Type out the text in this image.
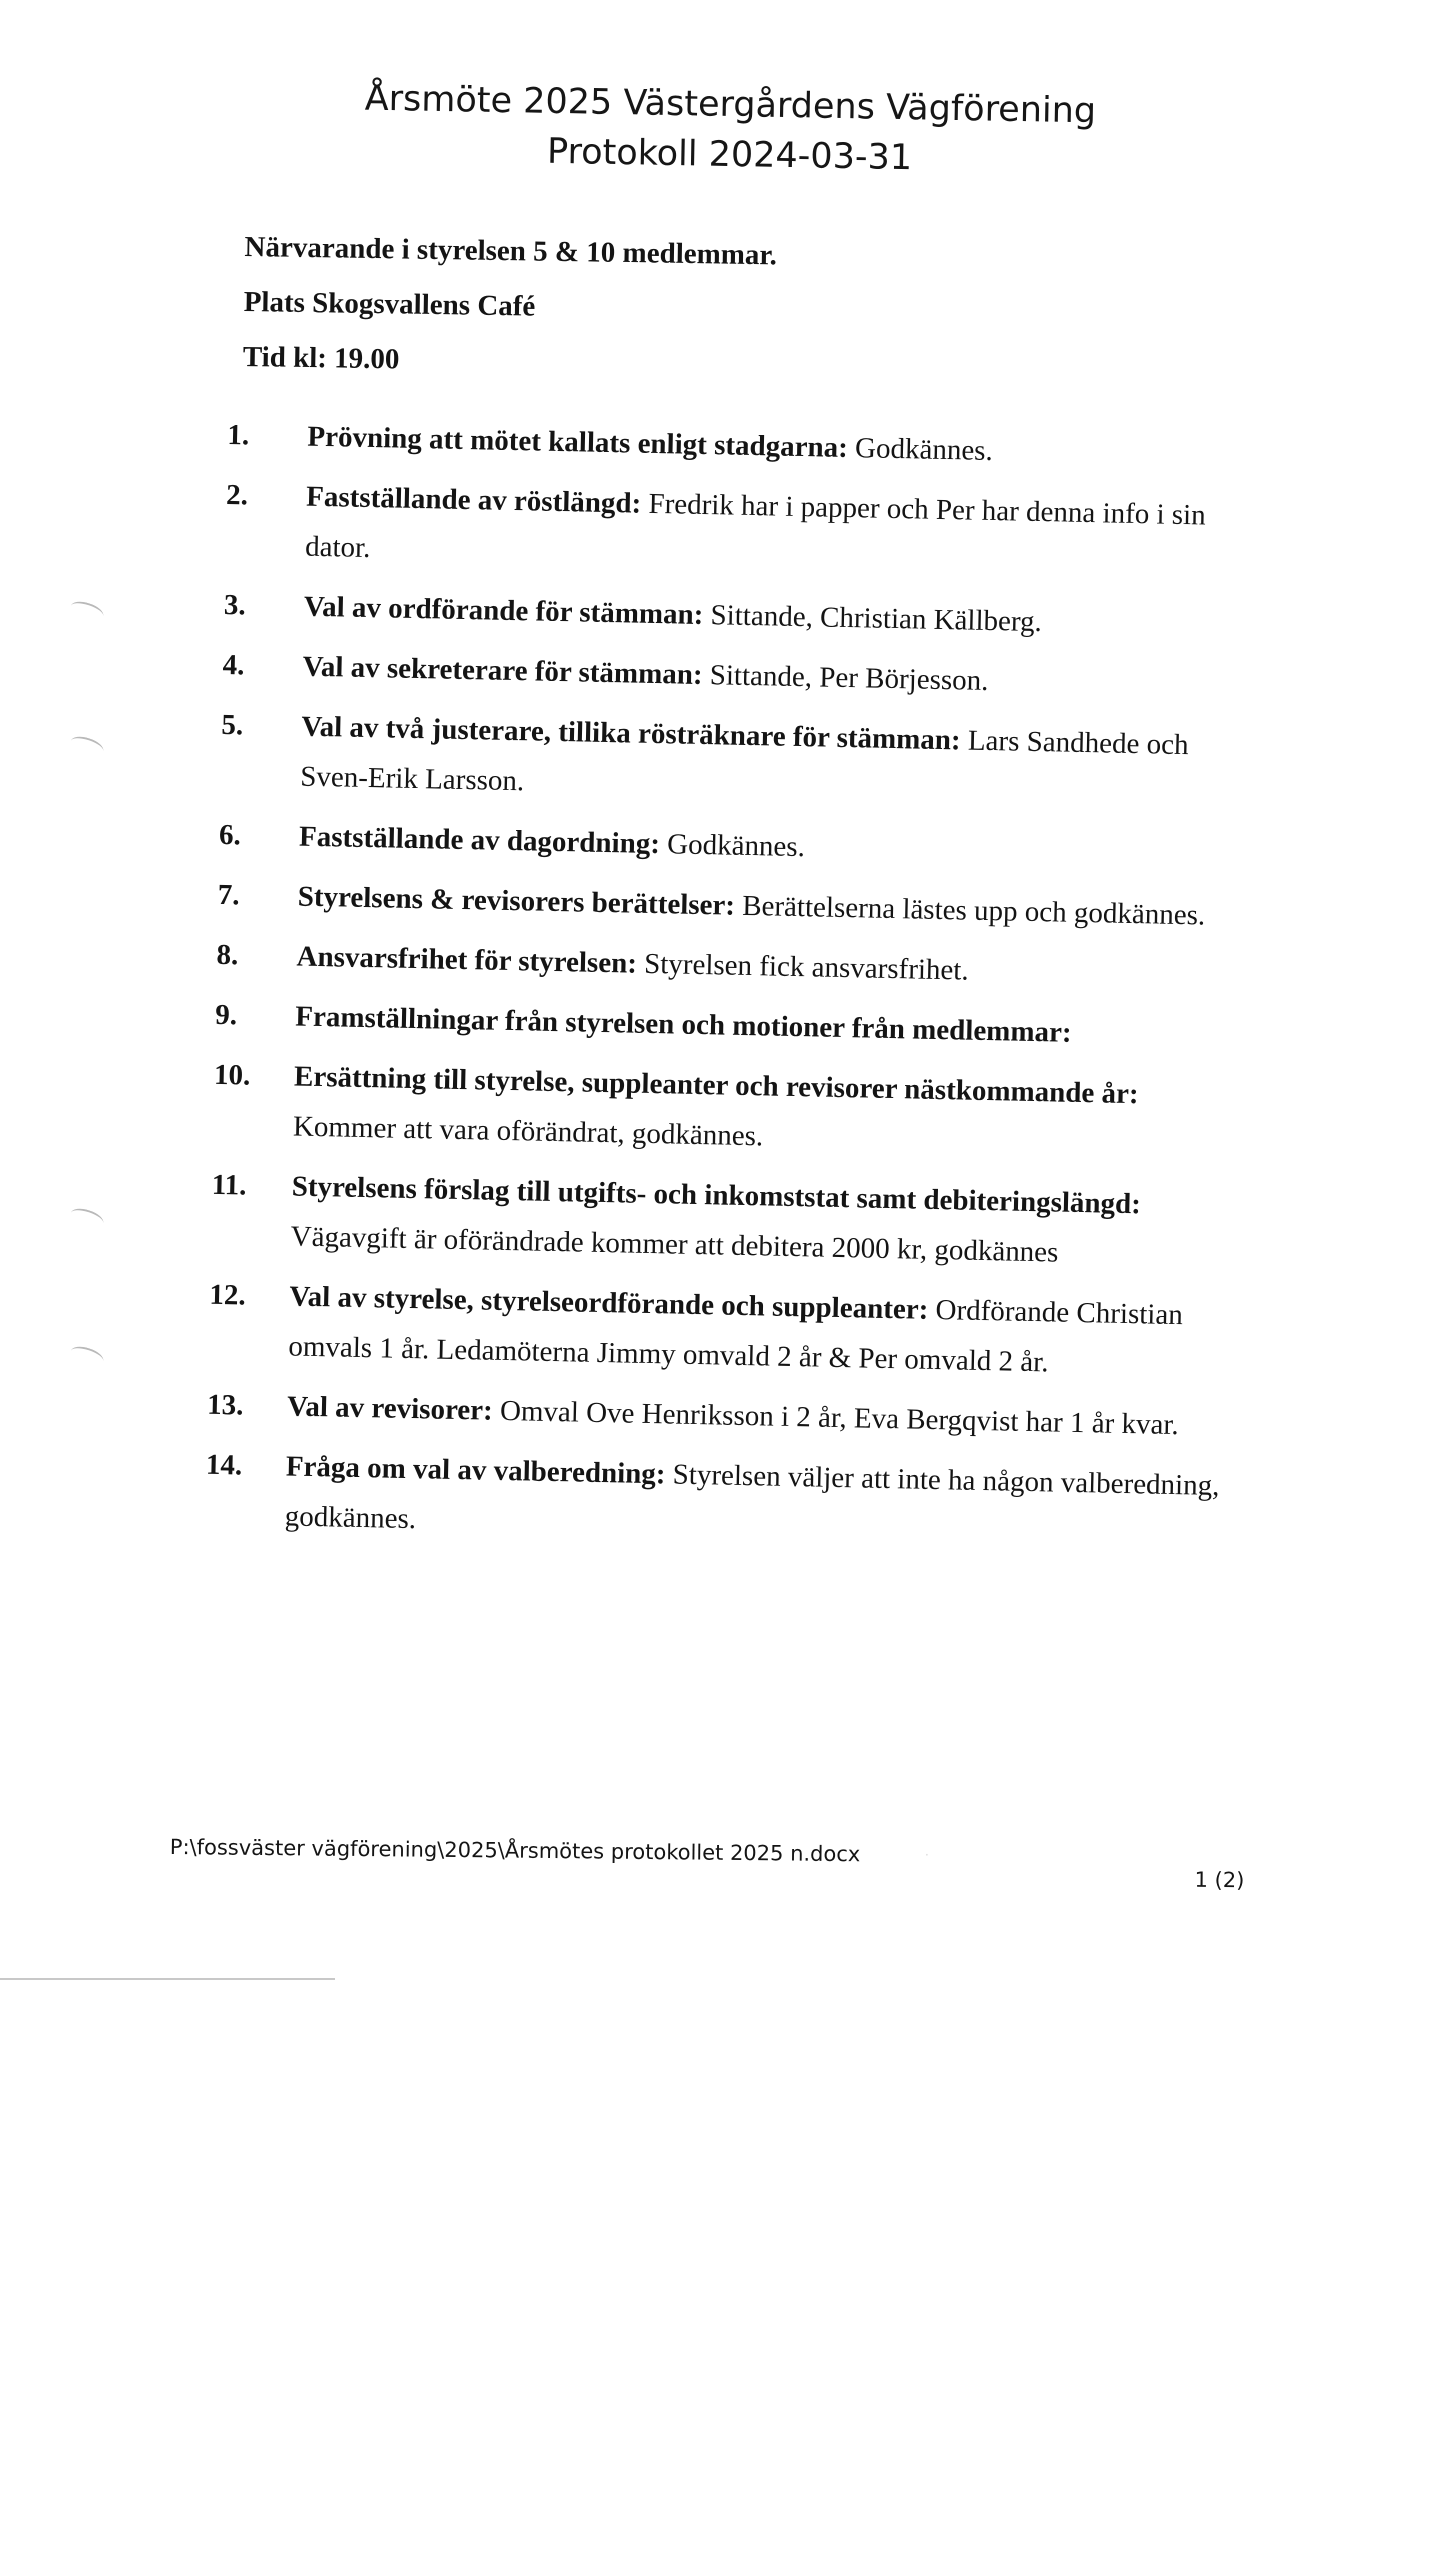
·
Årsmöte 2025 Västergårdens Vägförening
Protokoll 2024-03-31
Närvarande i styrelsen 5 & 10 medlemmar.
Plats Skogsvallens Café
Tid kl: 19.00
1. Prövning att mötet kallats enligt stadgarna: Godkännes.
2. Fastställande av röstlängd: Fredrik har i papper och Per har denna info i sin dator.
3. Val av ordförande för stämman: Sittande, Christian Källberg.
4. Val av sekreterare för stämman: Sittande, Per Börjesson.
5. Val av två justerare, tillika rösträknare för stämman: Lars Sandhede och Sven-Erik Larsson.
6. Fastställande av dagordning: Godkännes.
7. Styrelsens & revisorers berättelser: Berättelserna lästes upp och godkännes.
8. Ansvarsfrihet för styrelsen: Styrelsen fick ansvarsfrihet.
9. Framställningar från styrelsen och motioner från medlemmar:
10. Ersättning till styrelse, suppleanter och revisorer nästkommande år: Kommer att vara oförändrat, godkännes.
11. Styrelsens förslag till utgifts- och inkomststat samt debiteringslängd: Vägavgift är oförändrade kommer att debitera 2000 kr, godkännes
12. Val av styrelse, styrelseordförande och suppleanter: Ordförande Christian omvals 1 år. Ledamöterna Jimmy omvald 2 år & Per omvald 2 år.
13. Val av revisorer: Omval Ove Henriksson i 2 år, Eva Bergqvist har 1 år kvar.
14. Fråga om val av valberedning: Styrelsen väljer att inte ha någon valberedning, godkännes.
P:\fossväster vägförening\2025\Årsmötes protokollet 2025 n.docx
1 (2)
